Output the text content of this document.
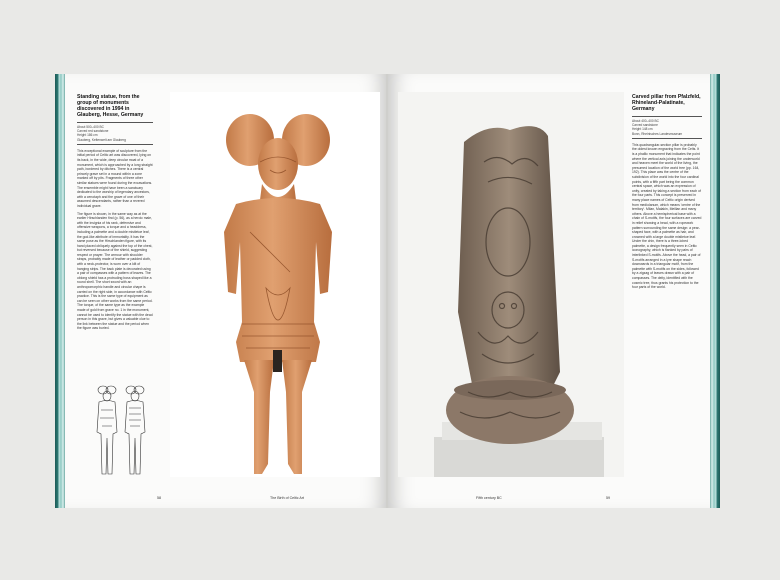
Standing statue, from the group of monuments discovered in 1994 in Glauberg, Hesse, Germany
About 500–400 BC
Carved red sandstone
Height 186 cm
Glauberg, Keltenwelt am Glauberg

This exceptional example of sculpture from the initial period of Celtic art was discovered, lying on its back, in the wide, deep circular moat of a monument, which is approached by a long straight path, bordered by ditches. There is a central princely grave set in a mound within a zone marked off by pits. Fragments of three other similar statues were found during the excavations. The ensemble might have been a sanctuary dedicated to the worship of legendary ancestors, with a cenotaph and the grave of one of their assumed descendants, rather than a revered individual grave.

The figure is shown, in the same way as at the earlier Hirschlanden find (p. 56), as a heroic male, with the insignia of his rank, defensive and offensive weapons, a torque and a headdress, including a palmette and a double mistletoe leaf, the god-like attribute of immortality. It has the same pose as the Hirschlanden figure, with its hand placed obliquely against the top of the chest, but reversed because of the shield, suggesting respect or prayer. The armour with shoulder straps, probably made of leather or padded cloth, with a neck-protector, is worn over a kilt of hanging strips. The back plate is decorated using a pair of compasses with a pattern of leaves. The oblong shield has a protruding boss shaped like a round shell. The short sword with an anthropomorphic handle and circular chape is carried on the right side, in accordance with Celtic practice. This is the same type of equipment as can be seen on other works from the same period. The torque, of the same type as the example made of gold from grave no. 1 in the monument, cannot be used to identify the statue with the dead person in this grave, but gives a valuable clue to the link between the statue and the period when the figure was buried.

58	The Birth of Celtic Art
Carved pillar from Pfalzfeld, Rhineland-Palatinate, Germany
About 400–400 BC
Carved sandstone
Height 148 cm
Bonn, Rheinisches Landesmuseum

This quadrangular-section pillar is probably the oldest known engraving from the Celts. It is a phallic monument that indicates the point where the vertical axis joining the underworld and heaven meet the world of the living, the presumed location of the world tree (pp. 164, 192). This place was the centre of the subdivision of the world into the four cardinal points, with a fifth part being the common central space, which was an expression of unity, created by taking a section from each of the four parts. This concept is preserved in many place names of Celtic origin derived from mediolanum, which means 'centre of the territory'. Milan, Malakin, Meillan and many others. Above a hemispherical base with a chain of S-motifs, the four surfaces are carved in relief showing a head, with a ropework pattern surrounding the same design: a pear-shaped face, with a palmette as hair, and crowned with a large double mistletoe leaf. Under the chin, there is a three-lobed palmette, a design frequently seen in Celtic iconography, which is flanked by pairs of interlinked S-motifs. Above the head, a pair of S-motifs arranged in a lyre shape reach downwards in a triangular motif, from the palmette with S-motifs on the sides, followed by a zigzag of leaves drawn with a pair of compasses. The deity, identified with the cosmic tree, thus grants his protection to the four parts of the world.

Fifth century BC	59
